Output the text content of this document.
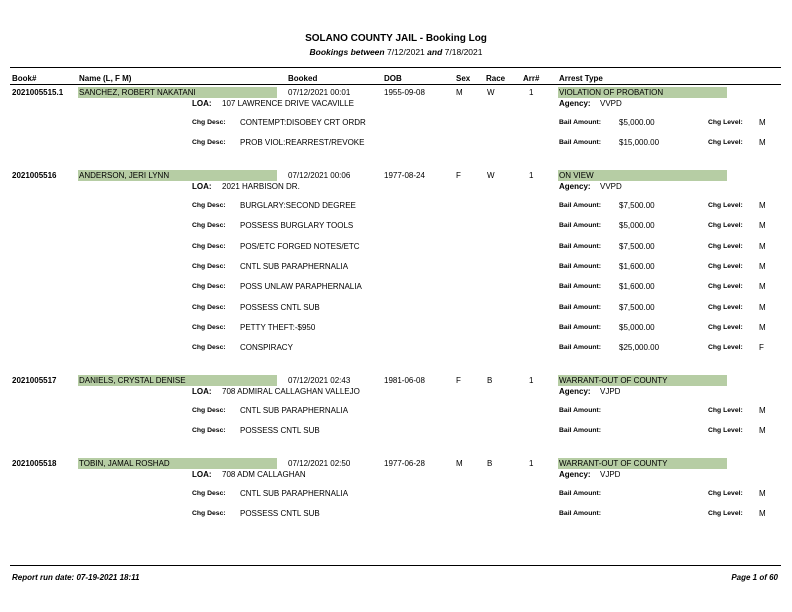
SOLANO COUNTY JAIL - Booking Log
Bookings between 7/12/2021 and 7/18/2021
Book#	Name (L, F M)	Booked	DOB	Sex Race Arr# Arrest Type
2021005515.1 SANCHEZ, ROBERT NAKATANI	07/12/2021 00:01	1955-09-08	M	W	1	VIOLATION OF PROBATION
LOA: 107 LAWRENCE DRIVE VACAVILLE	Agency: VVPD
Chg Desc: CONTEMPT:DISOBEY CRT ORDR	Bail Amount: $5,000.00	Chg Level: M
Chg Desc: PROB VIOL:REARREST/REVOKE	Bail Amount: $15,000.00	Chg Level: M
2021005516	ANDERSON, JERI LYNN	07/12/2021 00:06	1977-08-24	F	W	1	ON VIEW
LOA: 2021 HARBISON DR.	Agency: VVPD
Chg Desc: BURGLARY:SECOND DEGREE	Bail Amount: $7,500.00	Chg Level: M
Chg Desc: POSSESS BURGLARY TOOLS	Bail Amount: $5,000.00	Chg Level: M
Chg Desc: POS/ETC FORGED NOTES/ETC	Bail Amount: $7,500.00	Chg Level: M
Chg Desc: CNTL SUB PARAPHERNALIA	Bail Amount: $1,600.00	Chg Level: M
Chg Desc: POSS UNLAW PARAPHERNALIA	Bail Amount: $1,600.00	Chg Level: M
Chg Desc: POSSESS CNTL SUB	Bail Amount: $7,500.00	Chg Level: M
Chg Desc: PETTY THEFT:-$950	Bail Amount: $5,000.00	Chg Level: M
Chg Desc: CONSPIRACY	Bail Amount: $25,000.00	Chg Level: F
2021005517	DANIELS, CRYSTAL DENISE	07/12/2021 02:43	1981-06-08	F	B	1	WARRANT-OUT OF COUNTY
LOA: 708 ADMIRAL CALLAGHAN VALLEJO	Agency: VJPD
Chg Desc: CNTL SUB PARAPHERNALIA	Bail Amount:	Chg Level: M
Chg Desc: POSSESS CNTL SUB	Bail Amount:	Chg Level: M
2021005518	TOBIN, JAMAL ROSHAD	07/12/2021 02:50	1977-06-28	M	B	1	WARRANT-OUT OF COUNTY
LOA: 708 ADM CALLAGHAN	Agency: VJPD
Chg Desc: CNTL SUB PARAPHERNALIA	Bail Amount:	Chg Level: M
Chg Desc: POSSESS CNTL SUB	Bail Amount:	Chg Level: M
Report run date: 07-19-2021 18:11	Page 1 of 60
